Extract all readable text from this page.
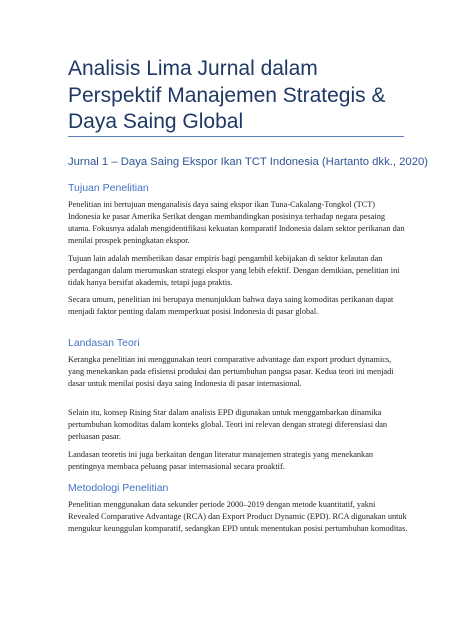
Analisis Lima Jurnal dalam Perspektif Manajemen Strategis & Daya Saing Global
Jurnal 1 – Daya Saing Ekspor Ikan TCT Indonesia (Hartanto dkk., 2020)
Tujuan Penelitian
Penelitian ini bertujuan menganalisis daya saing ekspor ikan Tuna-Cakalang-Tongkol (TCT) Indonesia ke pasar Amerika Serikat dengan membandingkan posisinya terhadap negara pesaing utama. Fokusnya adalah mengidentifikasi kekuatan komparatif Indonesia dalam sektor perikanan dan menilai prospek peningkatan ekspor.
Tujuan lain adalah memberikan dasar empiris bagi pengambil kebijakan di sektor kelautan dan perdagangan dalam merumuskan strategi ekspor yang lebih efektif. Dengan demikian, penelitian ini tidak hanya bersifat akademis, tetapi juga praktis.
Secara umum, penelitian ini berupaya menunjukkan bahwa daya saing komoditas perikanan dapat menjadi faktor penting dalam memperkuat posisi Indonesia di pasar global.
Landasan Teori
Kerangka penelitian ini menggunakan teori comparative advantage dan export product dynamics, yang menekankan pada efisiensi produksi dan pertumbuhan pangsa pasar. Kedua teori ini menjadi dasar untuk menilai posisi daya saing Indonesia di pasar internasional.
Selain itu, konsep Rising Star dalam analisis EPD digunakan untuk menggambarkan dinamika pertumbuhan komoditas dalam konteks global. Teori ini relevan dengan strategi diferensiasi dan perluasan pasar.
Landasan teoretis ini juga berkaitan dengan literatur manajemen strategis yang menekankan pentingnya membaca peluang pasar internasional secara proaktif.
Metodologi Penelitian
Penelitian menggunakan data sekunder periode 2000–2019 dengan metode kuantitatif, yakni Revealed Comparative Advantage (RCA) dan Export Product Dynamic (EPD). RCA digunakan untuk mengukur keunggulan komparatif, sedangkan EPD untuk menentukan posisi pertumbuhan komoditas.
